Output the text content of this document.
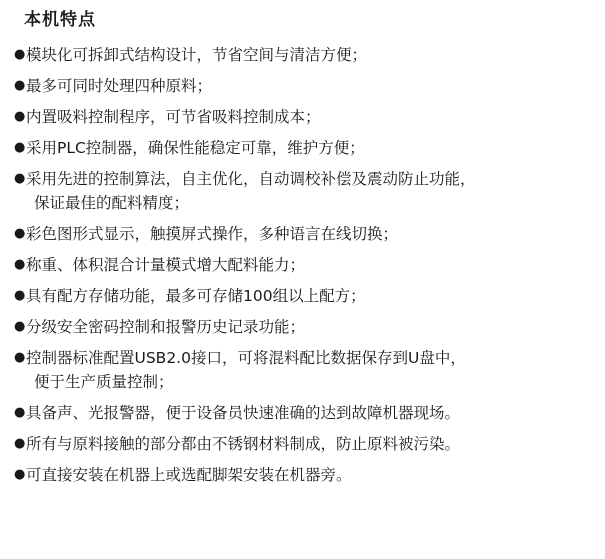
本机特点
● 模块化可拆卸式结构设计，节省空间与清洁方便；
● 最多可同时处理四种原料；
● 内置吸料控制程序，可节省吸料控制成本；
● 采用PLC控制器，确保性能稳定可靠，维护方便；
● 采用先进的控制算法，自主优化，自动调校补偿及震动防止功能，
保证最佳的配料精度；
● 彩色图形式显示，触摸屏式操作，多种语言在线切换；
● 称重、体积混合计量模式增大配料能力；
● 具有配方存储功能，最多可存储100组以上配方；
● 分级安全密码控制和报警历史记录功能；
● 控制器标准配置USB2.0接口，可将混料配比数据保存到U盘中，
便于生产质量控制；
● 具备声、光报警器，便于设备员快速准确的达到故障机器现场。
● 所有与原料接触的部分都由不锈钢材料制成，防止原料被污染。
● 可直接安装在机器上或选配脚架安装在机器旁。
